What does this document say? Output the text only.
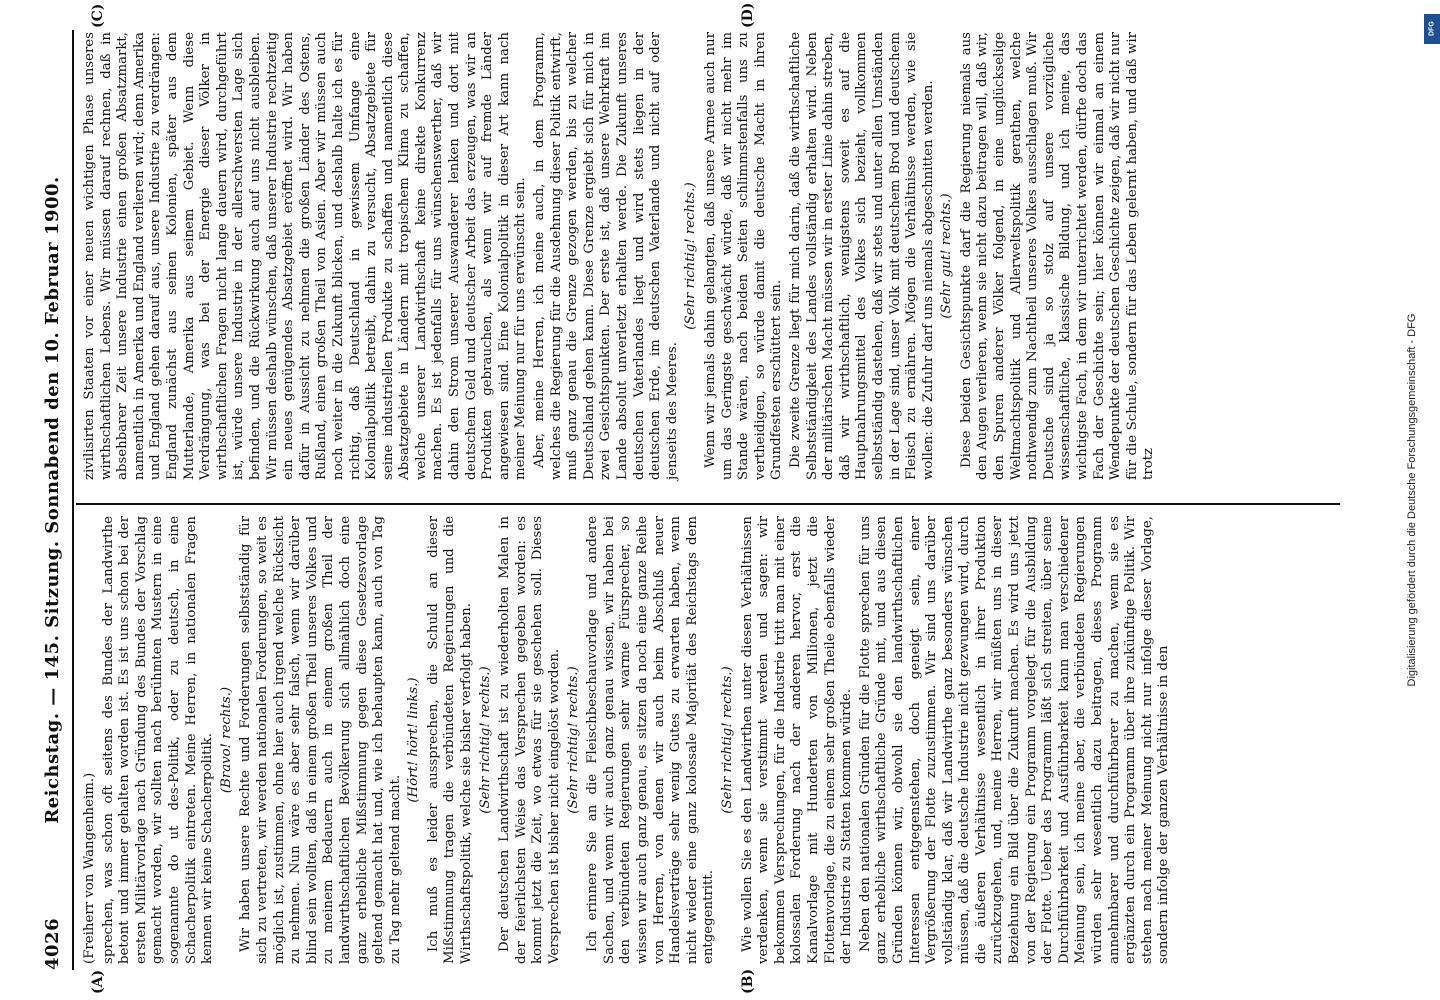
4026
Reichstag. — 145. Sitzung. Sonnabend den 10. Februar 1900.
(A)	(B)
(C)	(D)

(Freiherr von Wangenheim.) sprechen, was schon oft seitens des Bundes der Landwirthe betont und immer gehalten worden ist. Es ist uns schon bei der ersten Militärvorlage nach Gründung des Bundes der Vorschlag gemacht worden, wir sollten nach berühmten Mustern in eine sogenannte do ut des-Politik, oder zu deutsch, in eine Schacherpolitik eintreten. Meine Herren, in nationalen Fragen kennen wir keine Schacherpolitik. (Bravo! rechts.) Wir haben unsere Rechte und Forderungen selbstständig für sich zu vertreten, wir werden nationalen Forderungen, so weit es möglich ist, zustimmen, ohne hier auch irgend welche Rücksicht zu nehmen. Nun wäre es aber sehr falsch, wenn wir darüber blind sein wollten, daß in einem großen Theil unseres Volkes und zu meinem Bedauern auch in einem großen Theil der landwirthschaftlichen Bevölkerung sich allmählich doch eine ganz erhebliche Mißstimmung gegen diese Gesetzesvorlage geltend gemacht hat und, wie ich behaupten kann, auch von Tag zu Tag mehr geltend macht.

(Hört! hört! links.) Ich muß es leider aussprechen, die Schuld an dieser Mißstimmung tragen die verbündeten Regierungen und die Wirthschaftspolitik, welche sie bisher verfolgt haben. (Sehr richtig! rechts.) Der deutschen Landwirthschaft ist zu wiederholten Malen in der feierlichsten Weise das Versprechen gegeben worden: es kommt jetzt die Zeit, wo etwas für sie geschehen soll. Dieses Versprechen ist bisher nicht eingelöst worden. (Sehr richtig! rechts.) Ich erinnere Sie an die Fleischbeschauvorlage und andere Sachen, und wenn wir auch ganz genau wissen, wir haben bei den verbündeten Regierungen sehr warme Fürsprecher, so wissen wir auch ganz genau, es sitzen da noch eine ganze Reihe von Herren, von denen wir auch beim Abschluß neuer Handelsverträge sehr wenig Gutes zu erwarten haben, wenn nicht wieder eine ganz kolossale Majorität des Reichstags dem entgegentritt.

(Sehr richtig! rechts.) Wie wollen Sie es den Landwirthen unter diesen Verhältnissen verdenken, wenn sie verstimmt werden und sagen: wir bekommen Versprechungen, für die Industrie tritt man mit einer kolossalen Forderung nach der anderen hervor, erst die Kanalvorlage mit Hunderten von Millionen, jetzt die Flottenvorlage, die zu einem sehr großen Theile ebenfalls wieder der Industrie zu Statten kommen würde. Neben den nationalen Gründen für die Flotte sprechen für uns ganz erhebliche wirthschaftliche Gründe mit, und aus diesen Gründen können wir, obwohl sie den landwirthschaftlichen Interessen entgegenstehen, doch geneigt sein, einer Vergrößerung der Flotte zuzustimmen. Wir sind uns darüber vollständig klar, daß wir Landwirthe ganz besonders wünschen müssen, daß die deutsche Industrie nicht gezwungen wird, durch die äußeren Verhältnisse wesentlich in ihrer Produktion zurückzugehen, und, meine Herren, wir müßten uns in dieser Beziehung ein Bild über die Zukunft machen. Es wird uns jetzt von der Regierung ein Programm vorgelegt für die Ausbildung der Flotte. Ueber das Programm läßt sich streiten, über seine Durchführbarkeit und Ausführbarkeit kann man verschiedener Meinung sein, ich meine aber, die verbündeten Regierungen würden sehr wesentlich dazu beitragen, dieses Programm annehmbarer und durchführbarer zu machen, wenn sie es ergänzten durch ein Programm über ihre zukünftige Politik. Wir stehen nach meiner Meinung nicht nur infolge dieser Vorlage, sondern infolge der ganzen Verhältnisse in den

zivilisirten Staaten vor einer neuen wichtigen Phase unseres wirthschaftlichen Lebens. Wir müssen darauf rechnen, daß in absehbarer Zeit unsere Industrie einen großen Absatzmarkt, namentlich in Amerika und England verlieren wird; denn Amerika und England gehen darauf aus, unsere Industrie zu verdrängen: England zunächst aus seinen Kolonien, später aus dem Mutterlande, Amerika aus seinem Gebiet. Wenn diese Verdrängung, was bei der Energie dieser Völker in wirthschaftlichen Fragen nicht lange dauern wird, durchgeführt ist, würde unsere Industrie in der allerschwersten Lage sich befinden, und die Rückwirkung auch auf uns nicht ausbleiben. Wir müssen deshalb wünschen, daß unserer Industrie rechtzeitig ein neues genügendes Absatzgebiet eröffnet wird. Wir haben dafür in Aussicht zu nehmen die großen Länder des Ostens, Rußland, einen großen Theil von Asien. Aber wir müssen auch noch weiter in die Zukunft blicken, und deshalb halte ich es für richtig, daß Deutschland in gewissem Umfange eine Kolonialpolitik betreibt, dahin zu versucht, Absatzgebiete für seine industriellen Produkte zu schaffen und namentlich diese Absatzgebiete in Ländern mit tropischem Klima zu schaffen, welche unserer Landwirthschaft keine direkte Konkurrenz machen. Es ist jedenfalls für uns wünschenswerther, daß wir dahin den Strom unserer Auswanderer lenken und dort mit deutschem Geld und deutscher Arbeit das erzeugen, was wir an Produkten gebrauchen, als wenn wir auf fremde Länder angewiesen sind. Eine Kolonialpolitik in dieser Art kann nach meiner Meinung nur für uns erwünscht sein. Aber, meine Herren, ich meine auch, in dem Programm, welches die Regierung für die Ausdehnung dieser Politik entwirft, muß ganz genau die Grenze gezogen werden, bis zu welcher Deutschland gehen kann. Diese Grenze ergiebt sich für mich in zwei Gesichtspunkten. Der erste ist, daß unsere Wehrkraft im Lande absolut unverletzt erhalten werde. Die Zukunft unseres deutschen Vaterlandes liegt und wird stets liegen in der deutschen Erde, im deutschen Vaterlande und nicht auf oder jenseits des Meeres.

(Sehr richtig! rechts.) Wenn wir jemals dahin gelangten, daß unsere Armee auch nur um das Geringste geschwächt würde, daß wir nicht mehr im Stande wären, nach beiden Seiten schlimmstenfalls uns zu vertheidigen, so würde damit die deutsche Macht in ihren Grundfesten erschüttert sein. Die zweite Grenze liegt für mich darin, daß die wirthschaftliche Selbstständigkeit des Landes vollständig erhalten wird. Neben der militärischen Macht müssen wir in erster Linie dahin streben, daß wir wirthschaftlich, wenigstens soweit es auf die Hauptnahrungsmittel des Volkes sich bezieht, vollkommen selbstständig dastehen, daß wir stets und unter allen Umständen in der Lage sind, unser Volk mit deutschem Brod und deutschem Fleisch zu ernähren. Mögen die Verhältnisse werden, wie sie wollen: die Zufuhr darf uns niemals abgeschnitten werden. (Sehr gut! rechts.) Diese beiden Gesichtspunkte darf die Regierung niemals aus den Augen verlieren, wenn sie nicht dazu beitragen will, daß wir, den Spuren anderer Völker folgend, in eine unglückselige Weltmachtspolitik und Allerweltspolitik gerathen, welche nothwendig zum Nachtheil unseres Volkes ausschlagen muß. Wir Deutsche sind ja so stolz auf unsere vorzügliche wissenschaftliche, klassische Bildung, und ich meine, das wichtigste Fach, in dem wir unterrichtet werden, dürfte doch das Fach der Geschichte sein; hier können wir einmal an einem Wendepunkte der deutschen Geschichte zeigen, daß wir nicht nur für die Schule, sondern für das Leben gelernt haben, und daß wir trotz

DFG
Digitalisierung gefördert durch die Deutsche Forschungsgemeinschaft - DFG
